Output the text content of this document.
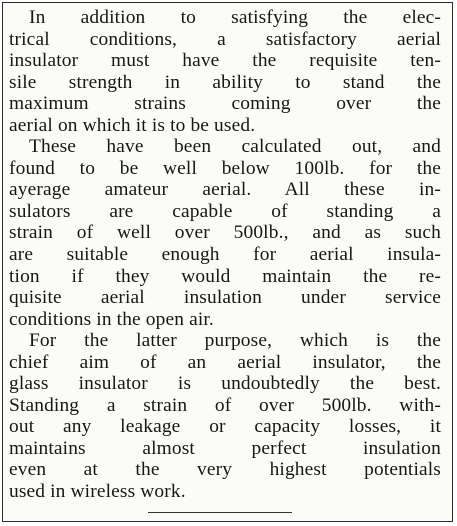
In addition to satisfying the elec-
trical conditions, a satisfactory aerial
insulator must have the requisite ten-
sile strength in ability to stand the
maximum strains coming over the
aerial on which it is to be used.
These have been calculated out, and
found to be well below 100lb. for the
ayerage amateur aerial. All these in-
sulators are capable of standing a
strain of well over 500lb., and as such
are suitable enough for aerial insula-
tion if they would maintain the re-
quisite aerial insulation under service
conditions in the open air.
For the latter purpose, which is the
chief aim of an aerial insulator, the
glass insulator is undoubtedly the best.
Standing a strain of over 500lb. with-
out any leakage or capacity losses, it
maintains almost perfect insulation
even at the very highest potentials
used in wireless work.
